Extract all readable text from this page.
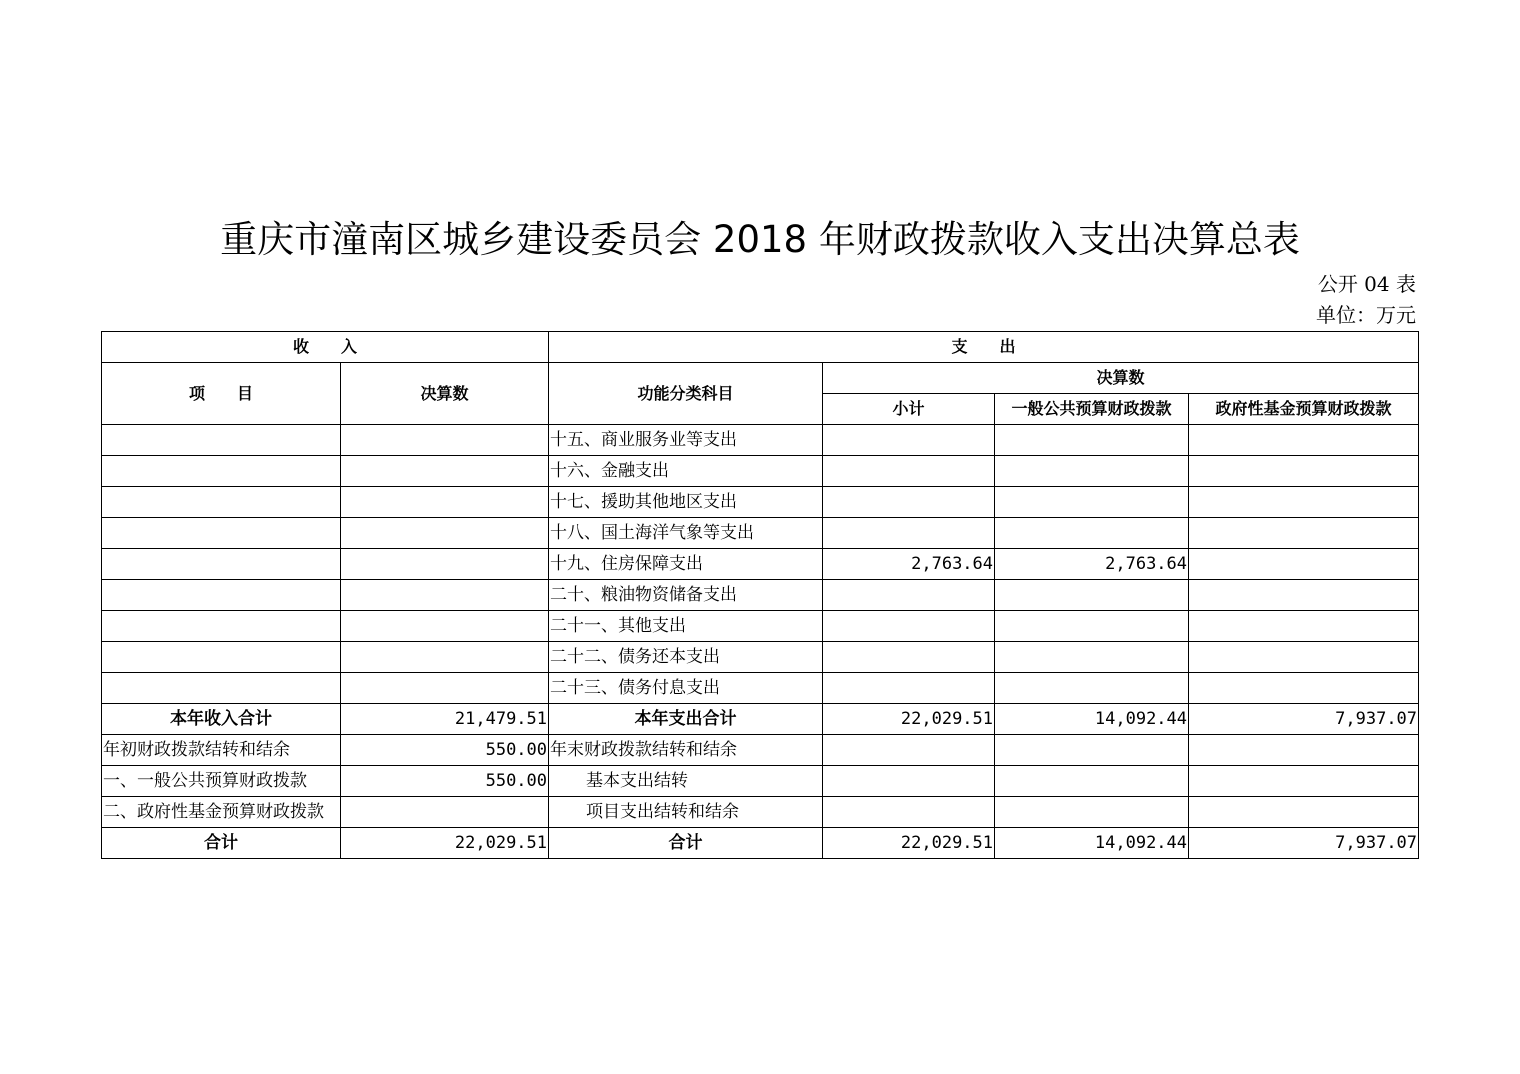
重庆市潼南区城乡建设委员会 2018 年财政拨款收入支出决算总表
公开 04 表
单位：万元
收　　入		支　　出			
项　　目	决算数	功能分类科目	决算数		
			小计	一般公共预算财政拨款	政府性基金预算财政拨款
		十五、商业服务业等支出			
		十六、金融支出			
		十七、援助其他地区支出			
		十八、国土海洋气象等支出			
		十九、住房保障支出	2,763.64	2,763.64	
		二十、粮油物资储备支出			
		二十一、其他支出			
		二十二、债务还本支出			
		二十三、债务付息支出			
本年收入合计	21,479.51	本年支出合计	22,029.51	14,092.44	7,937.07
年初财政拨款结转和结余	550.00	年末财政拨款结转和结余			
一、一般公共预算财政拨款	550.00	基本支出结转			
二、政府性基金预算财政拨款		项目支出结转和结余			
合计	22,029.51	合计	22,029.51	14,092.44	7,937.07
